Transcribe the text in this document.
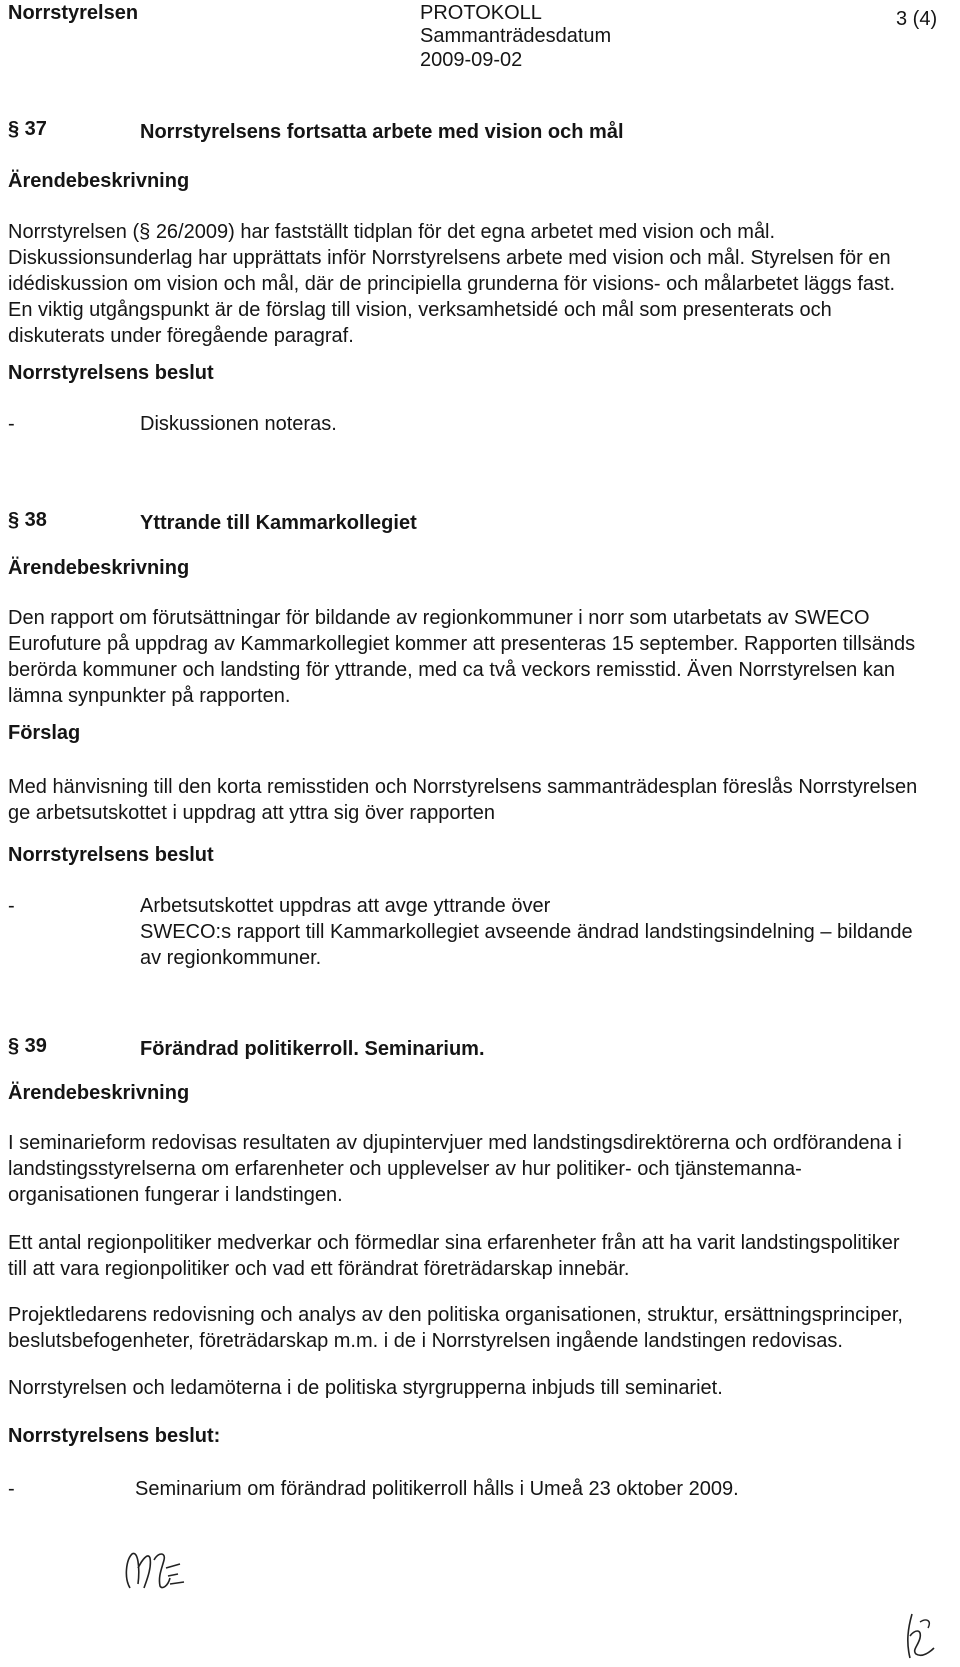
Norrstyrelsen	PROTOKOLL
Sammanträdesdatum
2009-09-02
3 (4)
§ 37	Norrstyrelsens fortsatta arbete med vision och mål
Ärendebeskrivning
Norrstyrelsen (§ 26/2009) har fastställt tidplan för det egna arbetet med vision och mål.
Diskussionsunderlag har upprättats inför Norrstyrelsens arbete med vision och mål. Styrelsen för en
idédiskussion om vision och mål, där de principiella grunderna för visions- och målarbetet läggs fast.
En viktig utgångspunkt är de förslag till vision, verksamhetsidé och mål som presenterats och
diskuterats under föregående paragraf.
Norrstyrelsens beslut
-	Diskussionen noteras.
§ 38	Yttrande till Kammarkollegiet
Ärendebeskrivning
Den rapport om förutsättningar för bildande av regionkommuner i norr som utarbetats av SWECO
Eurofuture på uppdrag av Kammarkollegiet kommer att presenteras 15 september. Rapporten tillsänds
berörda kommuner och landsting för yttrande, med ca två veckors remisstid. Även Norrstyrelsen kan
lämna synpunkter på rapporten.
Förslag
Med hänvisning till den korta remisstiden och Norrstyrelsens sammanträdesplan föreslås Norrstyrelsen
ge arbetsutskottet i uppdrag att yttra sig över rapporten
Norrstyrelsens beslut
-	Arbetsutskottet uppdras att avge yttrande över
SWECO:s rapport till Kammarkollegiet avseende ändrad landstingsindelning – bildande
av regionkommuner.
§ 39	Förändrad politikerroll. Seminarium.
Ärendebeskrivning
I seminarieform redovisas resultaten av djupintervjuer med landstingsdirektörerna och ordförandena i
landstingsstyrelserna om erfarenheter och upplevelser av hur politiker- och tjänstemanna-
organisationen fungerar i landstingen.
Ett antal regionpolitiker medverkar och förmedlar sina erfarenheter från att ha varit landstingspolitiker
till att vara regionpolitiker och vad ett förändrat företrädarskap innebär.
Projektledarens redovisning och analys av den politiska organisationen, struktur, ersättningsprinciper,
beslutsbefogenheter, företrädarskap m.m. i de i Norrstyrelsen ingående landstingen redovisas.
Norrstyrelsen och ledamöterna i de politiska styrgrupperna inbjuds till seminariet.
Norrstyrelsens beslut:
-	Seminarium om förändrad politikerroll hålls i Umeå 23 oktober 2009.
